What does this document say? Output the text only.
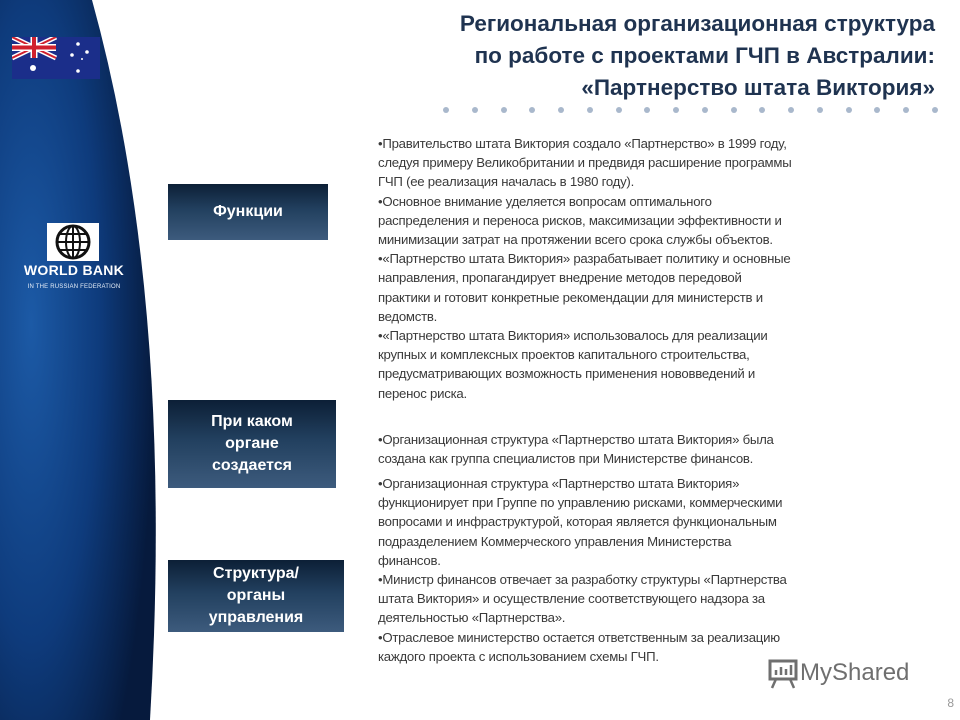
WORLD BANK
IN THE RUSSIAN FEDERATION
Региональная организационная структура
по работе с проектами ГЧП в Австралии:
«Партнерство штата Виктория»
Функции
При каком
органе
создается
Структура/
органы
управления
•Правительство штата Виктория создало «Партнерство» в 1999 году,
следуя примеру Великобритании и предвидя расширение программы
ГЧП (ее реализация началась в 1980 году).
•Основное внимание уделяется вопросам оптимального
распределения и переноса рисков, максимизации эффективности и
минимизации затрат на протяжении всего срока службы объектов.
•«Партнерство штата Виктория» разрабатывает политику и основные
направления, пропагандирует внедрение методов передовой
практики и готовит конкретные рекомендации для министерств и
ведомств.
•«Партнерство штата Виктория» использовалось для реализации
крупных и комплексных проектов капитального строительства,
предусматривающих возможность применения нововведений и
перенос риска.
•Организационная структура «Партнерство штата Виктория» была
создана как группа специалистов при Министерстве финансов.
•Организационная структура «Партнерство штата Виктория»
функционирует при Группе по управлению рисками, коммерческими
вопросами и инфраструктурой, которая является функциональным
подразделением Коммерческого управления Министерства
финансов.
•Министр финансов отвечает за разработку структуры «Партнерства
штата Виктория» и осуществление соответствующего надзора за
деятельностью «Партнерства».
•Отраслевое министерство остается ответственным за реализацию
каждого проекта с использованием схемы ГЧП.
MyShared
8
